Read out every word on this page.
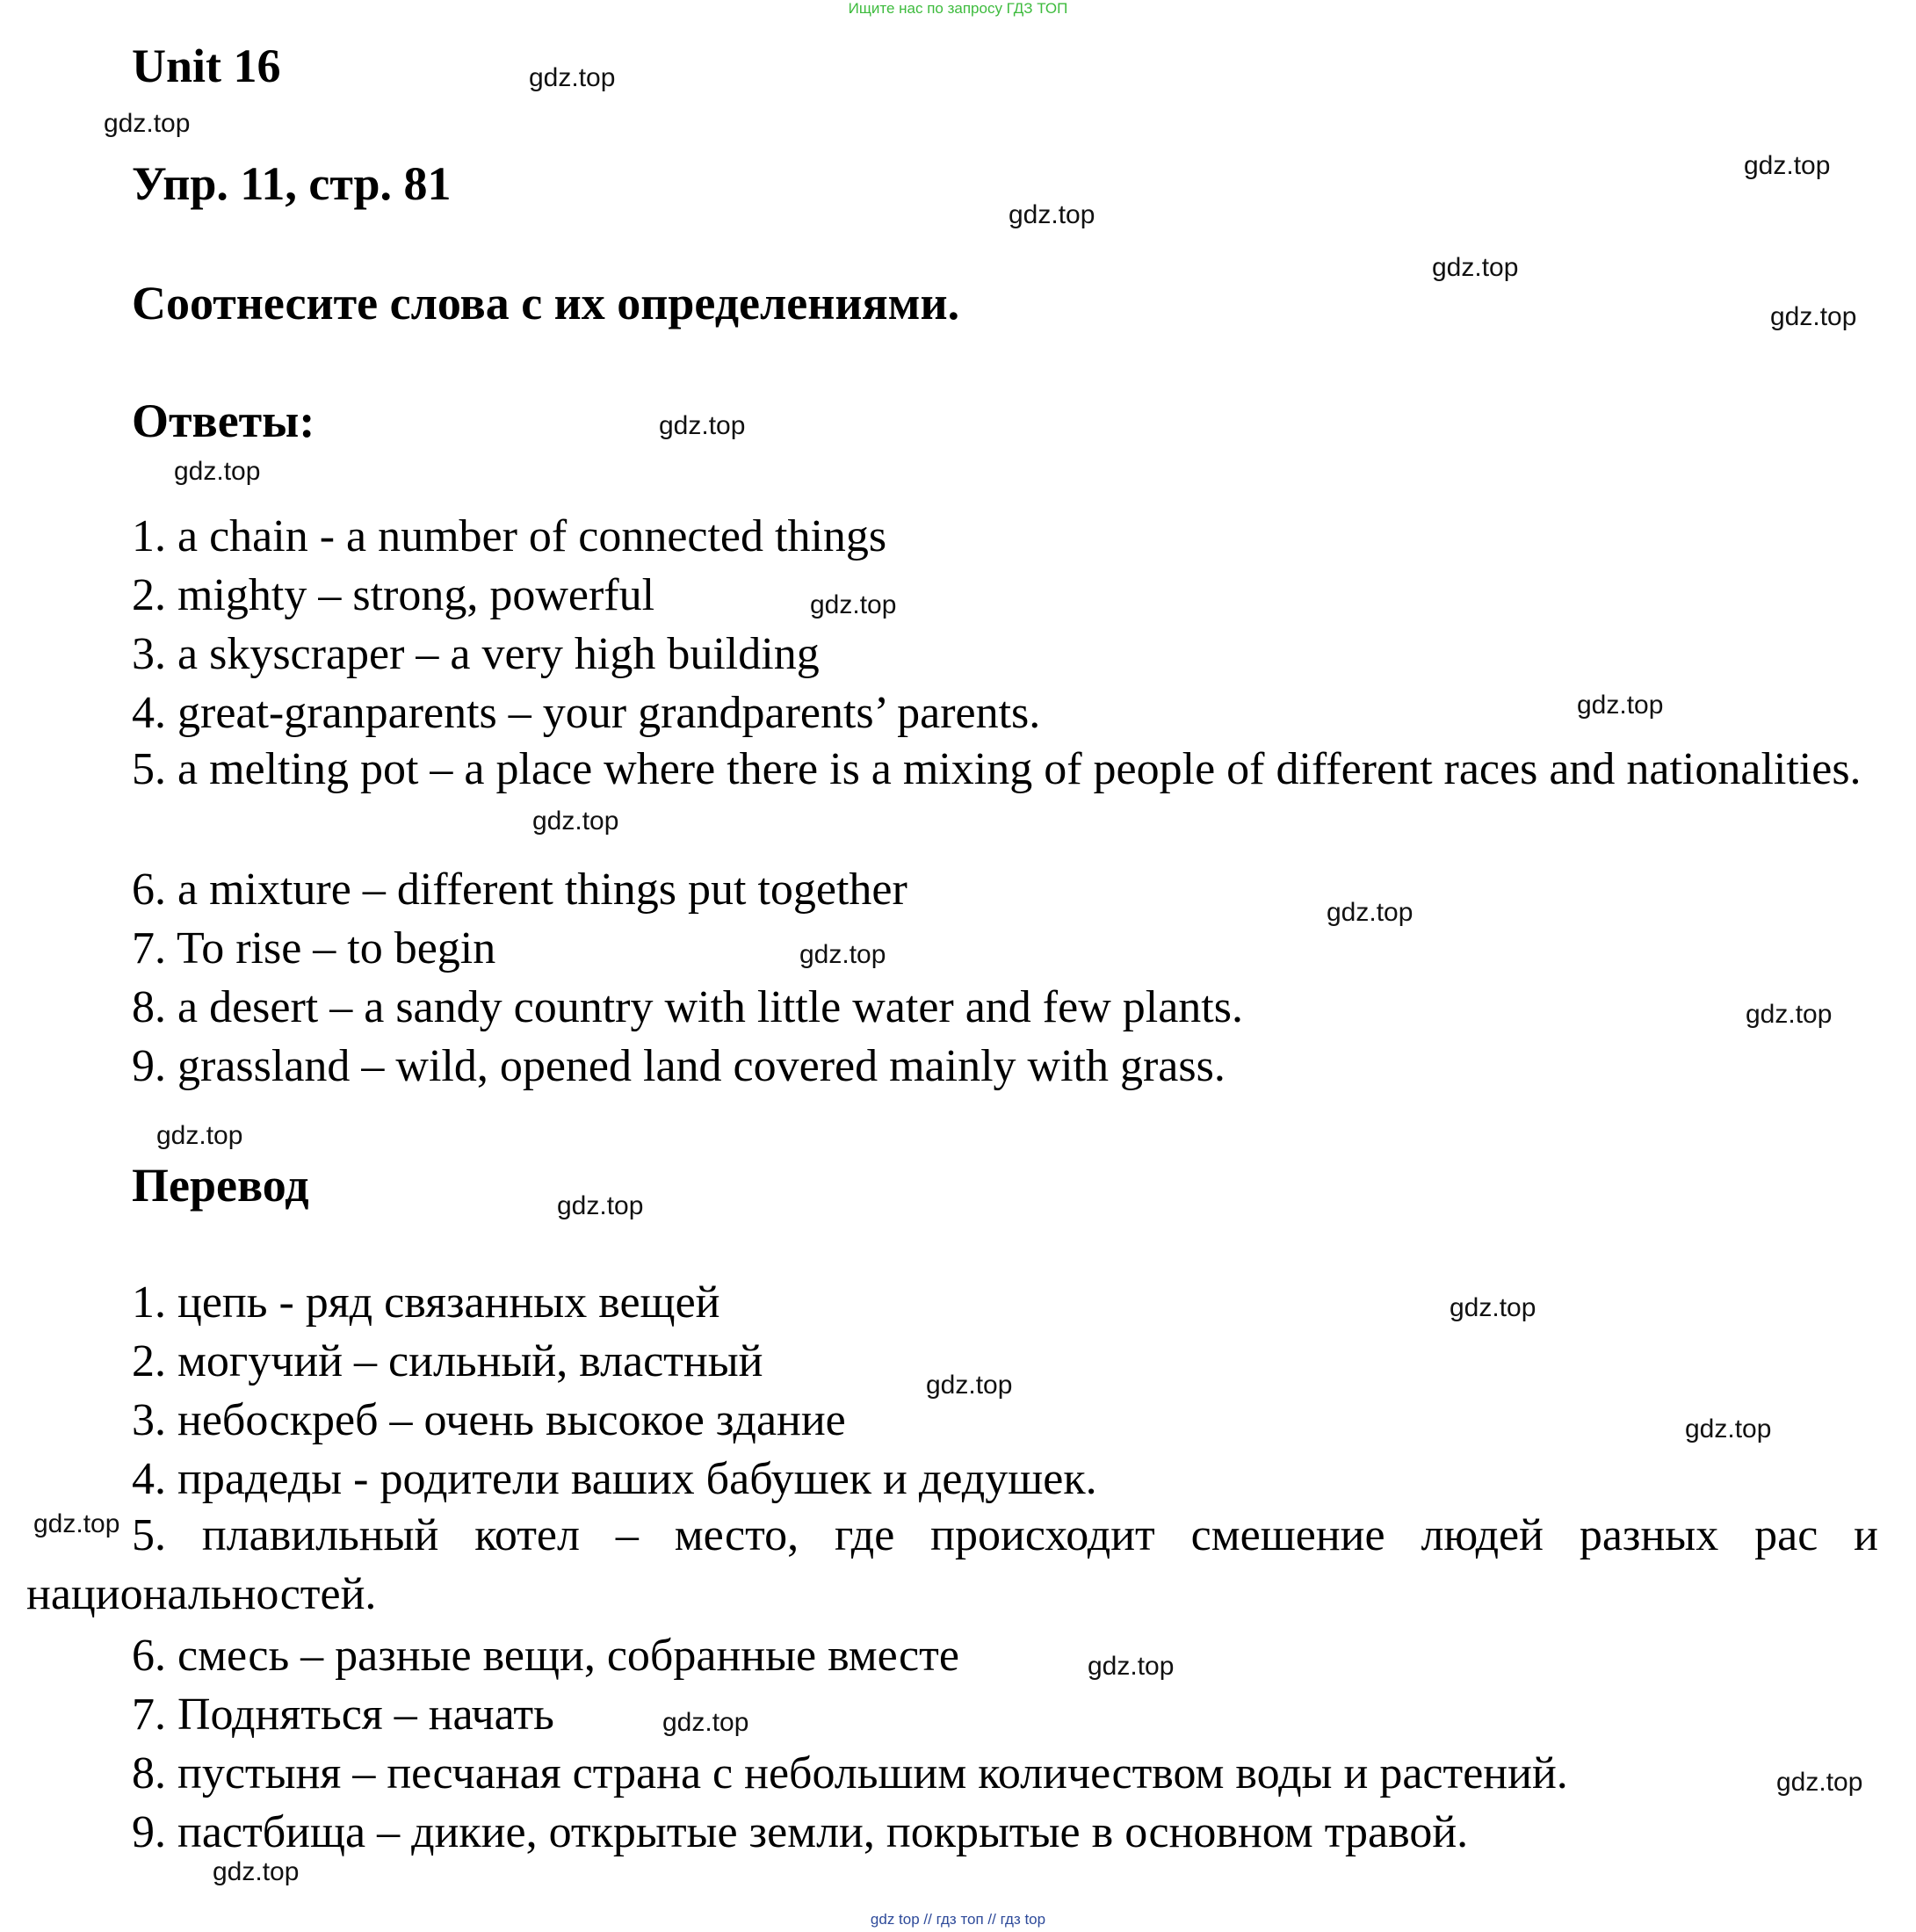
Ищите нас по запросу ГДЗ ТОП
Unit 16
Упр. 11, стр. 81
Соотнесите слова с их определениями.
Ответы:
1. a chain - a number of connected things
2. mighty – strong, powerful
3. a skyscraper – a very high building
4. great-granparents – your grandparents’ parents.
5. a melting pot – a place where there is a mixing of people of different races and nationalities.
6. a mixture – different things put together
7. To rise – to begin
8. a desert – a sandy country with little water and few plants.
9. grassland – wild, opened land covered mainly with grass.
Перевод
1. цепь - ряд связанных вещей
2. могучий – сильный, властный
3. небоскреб – очень высокое здание
4. прадеды - родители ваших бабушек и дедушек.
5. плавильный котел – место, где происходит смешение людей разных рас и национальностей.
6. смесь – разные вещи, собранные вместе
7. Подняться – начать
8. пустыня – песчаная страна с небольшим количеством воды и растений.
9. пастбища – дикие, открытые земли, покрытые в основном травой.
gdz.top
gdz.top
gdz.top
gdz.top
gdz.top
gdz.top
gdz.top
gdz.top
gdz.top
gdz.top
gdz.top
gdz.top
gdz.top
gdz.top
gdz.top
gdz.top
gdz.top
gdz.top
gdz.top
gdz.top
gdz.top
gdz.top
gdz.top
gdz.top
gdz top // гдз топ // гдз top
